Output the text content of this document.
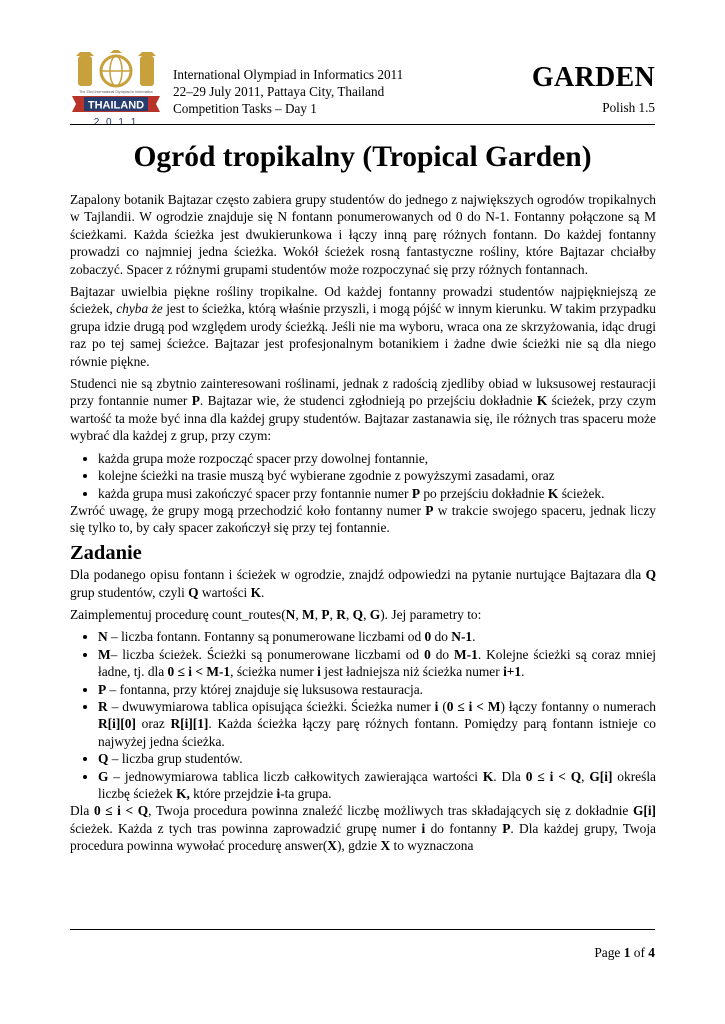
The 23rd International Olympiad in Informatics
THAILAND
2 0 1 1
International Olympiad in Informatics 2011
22–29 July 2011, Pattaya City, Thailand
Competition Tasks – Day 1
GARDEN
Polish 1.5
Ogród tropikalny (Tropical Garden)

Zapalony botanik Bajtazar często zabiera grupy studentów do jednego z największych ogrodów tropikalnych w Tajlandii. W ogrodzie znajduje się N fontann ponumerowanych od 0 do N-1. Fontanny połączone są M ścieżkami. Każda ścieżka jest dwukierunkowa i łączy inną parę różnych fontann. Do każdej fontanny prowadzi co najmniej jedna ścieżka. Wokół ścieżek rosną fantastyczne rośliny, które Bajtazar chciałby zobaczyć. Spacer z różnymi grupami studentów może rozpoczynać się przy różnych fontannach.

Bajtazar uwielbia piękne rośliny tropikalne. Od każdej fontanny prowadzi studentów najpiękniejszą ze ścieżek, chyba że jest to ścieżka, którą właśnie przyszli, i mogą pójść w innym kierunku. W takim przypadku grupa idzie drugą pod względem urody ścieżką. Jeśli nie ma wyboru, wraca ona ze skrzyżowania, idąc drugi raz po tej samej ścieżce. Bajtazar jest profesjonalnym botanikiem i żadne dwie ścieżki nie są dla niego równie piękne.

Studenci nie są zbytnio zainteresowani roślinami, jednak z radością zjedliby obiad w luksusowej restauracji przy fontannie numer P. Bajtazar wie, że studenci zgłodnieją po przejściu dokładnie K ścieżek, przy czym wartość ta może być inna dla każdej grupy studentów. Bajtazar zastanawia się, ile różnych tras spaceru może wybrać dla każdej z grup, przy czym:

• każda grupa może rozpocząć spacer przy dowolnej fontannie,
• kolejne ścieżki na trasie muszą być wybierane zgodnie z powyższymi zasadami, oraz
• każda grupa musi zakończyć spacer przy fontannie numer P po przejściu dokładnie K ścieżek.

Zwróć uwagę, że grupy mogą przechodzić koło fontanny numer P w trakcie swojego spaceru, jednak liczy się tylko to, by cały spacer zakończył się przy tej fontannie.

Zadanie

Dla podanego opisu fontann i ścieżek w ogrodzie, znajdź odpowiedzi na pytanie nurtujące Bajtazara dla Q grup studentów, czyli Q wartości K.

Zaimplementuj procedurę count_routes(N, M, P, R, Q, G). Jej parametry to:

• N – liczba fontann. Fontanny są ponumerowane liczbami od 0 do N-1.
• M– liczba ścieżek. Ścieżki są ponumerowane liczbami od 0 do M-1. Kolejne ścieżki są coraz mniej ładne, tj. dla 0 ≤ i < M-1, ścieżka numer i jest ładniejsza niż ścieżka numer i+1.
• P – fontanna, przy której znajduje się luksusowa restauracja.
• R – dwuwymiarowa tablica opisująca ścieżki. Ścieżka numer i (0 ≤ i < M) łączy fontanny o numerach R[i][0] oraz R[i][1]. Każda ścieżka łączy parę różnych fontann. Pomiędzy parą fontann istnieje co najwyżej jedna ścieżka.
• Q – liczba grup studentów.
• G – jednowymiarowa tablica liczb całkowitych zawierająca wartości K. Dla 0 ≤ i < Q, G[i] określa liczbę ścieżek K, które przejdzie i-ta grupa.

Dla 0 ≤ i < Q, Twoja procedura powinna znaleźć liczbę możliwych tras składających się z dokładnie G[i] ścieżek. Każda z tych tras powinna zaprowadzić grupę numer i do fontanny P. Dla każdej grupy, Twoja procedura powinna wywołać procedurę answer(X), gdzie X to wyznaczona

Page 1 of 4
